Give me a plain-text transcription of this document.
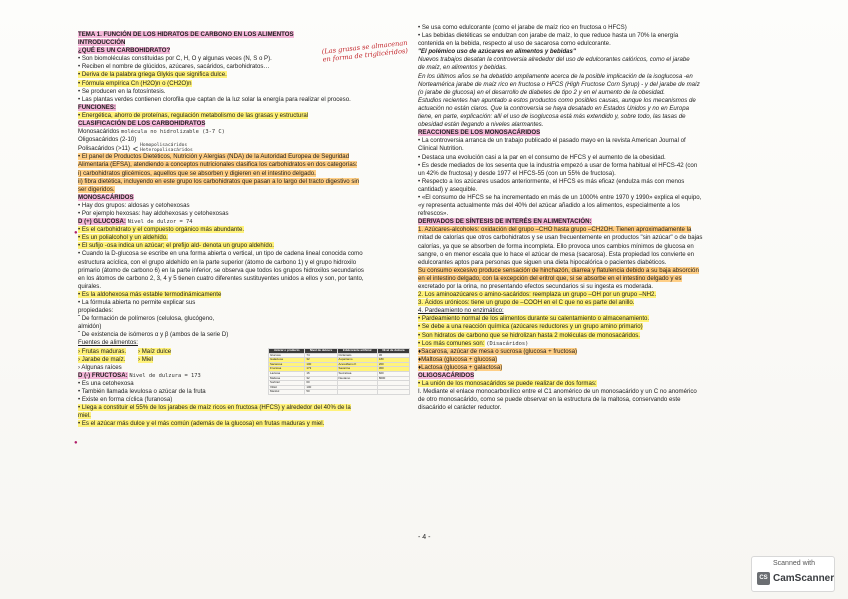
TEMA 1. FUNCIÓN DE LOS HIDRATOS DE CARBONO EN LOS ALIMENTOS

INTRODUCCIÓN

¿QUÉ ES UN CARBOHIDRATO?

• Son biomoléculas constituidas por C, H, O y algunas veces (N, S o P).

• Reciben el nombre de glúcidos, azúcares, sacáridos, carbohidratos…

• Deriva de la palabra griega Glykis que significa dulce.

• Fórmula empírica Cn (H2O)n o (CH2O)n

• Se producen en la fotosíntesis.

• Las plantas verdes contienen clorofila que captan de la luz solar la energía para realizar el proceso.

FUNCIONES:

• Energética, ahorro de proteínas, regulación metabolismo de las grasas y estructural

CLASIFICACIÓN DE LOS CARBOHIDRATOS

Monosacáridos molécula no hidrolizable (3-7 C)

Oligosacáridos (2-10)

Polisacáridos (>11) < Homopolisacáridos
Heteropolisacáridos

• El panel de Productos Dietéticos, Nutrición y Alergias (NDA) de la Autoridad Europea de Seguridad

Alimentaria (EFSA), atendiendo a conceptos nutricionales clasifica los carbohidratos en dos categorías:

i) carbohidratos glicémicos, aquellos que se absorben y digieren en el intestino delgado.

ii) fibra dietética, incluyendo en este grupo los carbohidratos que pasan a lo largo del tracto digestivo sin

ser digeridos.

MONOSACÁRIDOS

• Hay dos grupos: aldosas y cetohexosas

• Por ejemplo hexosas: hay aldohexosas y cetohexosas

D (+) GLUCOSA: Nivel de dulzor = 74

• Es el carbohidrato y el compuesto orgánico más abundante.

• Es un polialcohol y un aldehído.

• El sufijo -osa indica un azúcar; el prefijo ald- denota un grupo aldehído.

• Cuando la D-glucosa se escribe en una forma abierta o vertical, un tipo de cadena lineal conocida como

estructura acíclica, con el grupo aldehído en la parte superior (átomo de carbono 1) y el grupo hidroxilo

primario (átomo de carbono 6) en la parte inferior, se observa que todos los grupos hidroxilos secundarios

en los átomos de carbono 2, 3, 4 y 5 tienen cuatro diferentes sustituyentes unidos a ellos y son, por tanto,

quirales.

• Es la aldohexosa más estable termodinámicamente

• La fórmula abierta no permite explicar sus

propiedades:

˜ De formación de polímeros (celulosa, glucógeno,

almidón)

˜ De existencia de isómeros α y β (ambos de la serie D)

Fuentes de alimentos:

› Frutas maduras.

› Jarabe de maíz.

› Maíz dulce

› Miel

› Algunas raíces

D (-) FRUCTOSA: Nivel de dulzura = 173

• Es una cetohexosa

• También llamada levulosa o azúcar de la fruta

• Existe en forma cíclica (furanosa)

• Llega a constituir el 55% de los jarabes de maíz ricos en fructosa (HFCS) y alrededor del 40% de la

miel.

• Es el azúcar más dulce y el más común (además de la glucosa) en frutas maduras y miel.

(Las grasas se almacenan en forma de triglicéridos)
●
●
Azúcar o producto	Nivel de dulzura	Edulcorante artificial	Nivel de dulzura
Glucosa	74	Ciclamato	30
Galactosa	32	Aspartamo	180
Sacarosa	100	Acesulfamo K	200
Fructosa	173	Sacarina	300
Lactosa	16	Sucralosa	600
Maltosa	32	Neotamo	8000
Sorbitol	60		
Xilitol	100		
Manitol	50		

• Se usa como edulcorante (como el jarabe de maíz rico en fructosa o HFCS)

• Las bebidas dietéticas se endulzan con jarabe de maíz, lo que reduce hasta un 70% la energía

contenida en la bebida, respecto al uso de sacarosa como edulcorante.

"El polémico uso de azúcares en alimentos y bebidas"

Nuevos trabajos desatan la controversia alrededor del uso de edulcorantes calóricos, como el jarabe

de maíz, en alimentos y bebidas.

En los últimos años se ha debatido ampliamente acerca de la posible implicación de la isoglucosa -en

Norteamérica jarabe de maíz rico en fructosa o HFCS (High Fructose Corn Syrup) - y del jarabe de maíz

(o jarabe de glucosa) en el desarrollo de diabetes de tipo 2 y en el aumento de la obesidad.

Estudios recientes han apuntado a estos productos como posibles causas, aunque los mecanismos de

actuación no están claros. Que la controversia se haya desatado en Estados Unidos y no en Europa

tiene, en parte, explicación: allí el uso de isoglucosa está más extendido y, sobre todo, las tasas de

obesidad están llegando a niveles alarmantes.

REACCIONES DE LOS MONOSACÁRIDOS

• La controversia arranca de un trabajo publicado el pasado mayo en la revista American Journal of

Clinical Nutrition.

• Destaca una evolución casi a la par en el consumo de HFCS y el aumento de la obesidad.

• Es desde mediados de los sesenta que la industria empezó a usar de forma habitual el HFCS-42 (con

un 42% de fructosa) y desde 1977 el HFCS-55 (con un 55% de fructosa).

• Respecto a los azúcares usados anteriormente, el HFCS es más eficaz (endulza más con menos

cantidad) y asequible.

• «El consumo de HFCS se ha incrementado en más de un 1000% entre 1970 y 1990» explica el equipo,

«y representa actualmente más del 40% del azúcar añadido a los alimentos, especialmente a los

refrescos».

DERIVADOS DE SÍNTESIS DE INTERÉS EN ALIMENTACIÓN:

1. Azúcares-alcoholes: oxidación del grupo –CHO hasta grupo –CH2OH. Tienen aproximadamente la

mitad de calorías que otros carbohidratos y se usan frecuentemente en productos "sin azúcar" o de bajas

calorías, ya que se absorben de forma incompleta. Ello provoca unos cambios mínimos de glucosa en

sangre, o en menor escala que lo hace el azúcar de mesa (sacarosa). Esta propiedad los convierte en

edulcorantes aptos para personas que siguen una dieta hipocalórica o pacientes diabéticos.

Su consumo excesivo produce sensación de hinchazón, diarrea y flatulencia debido a su baja absorción

en el intestino delgado, con la excepción del eritrol que, si se absorbe en el intestino delgado y es

excretado por la orina, no presentando efectos secundarios si su ingesta es moderada.

2. Los aminoazúcares o amino-sacáridos: reemplaza un grupo –OH por un grupo –NH2.

3. Ácidos urónicos: tiene un grupo de –COOH en el C que no es parte del anillo.

4. Pardeamiento no enzimático:

• Pardeamiento normal de los alimentos durante su calentamiento o almacenamiento.

• Se debe a una reacción química (azúcares reductores y un grupo amino primario)

• Son hidratos de carbono que se hidrolizan hasta 2 moléculas de monosacáridos.

• Los más comunes son: (Disacáridos)

♦Sacarosa, azúcar de mesa o sucrosa (glucosa + fructosa)

♦Maltosa (glucosa + glucosa)

♦Lactosa (glucosa + galactosa)

OLIGOSACÁRIDOS

• La unión de los monosacáridos se puede realizar de dos formas:

I. Mediante el enlace monocarboxílico entre el C1 anomérico de un monosacárido y un C no anomérico

de otro monosacárido, como se puede observar en la estructura de la maltosa, conservando este

disacárido el carácter reductor.

- 4 -
Scanned with
CS CamScanner
